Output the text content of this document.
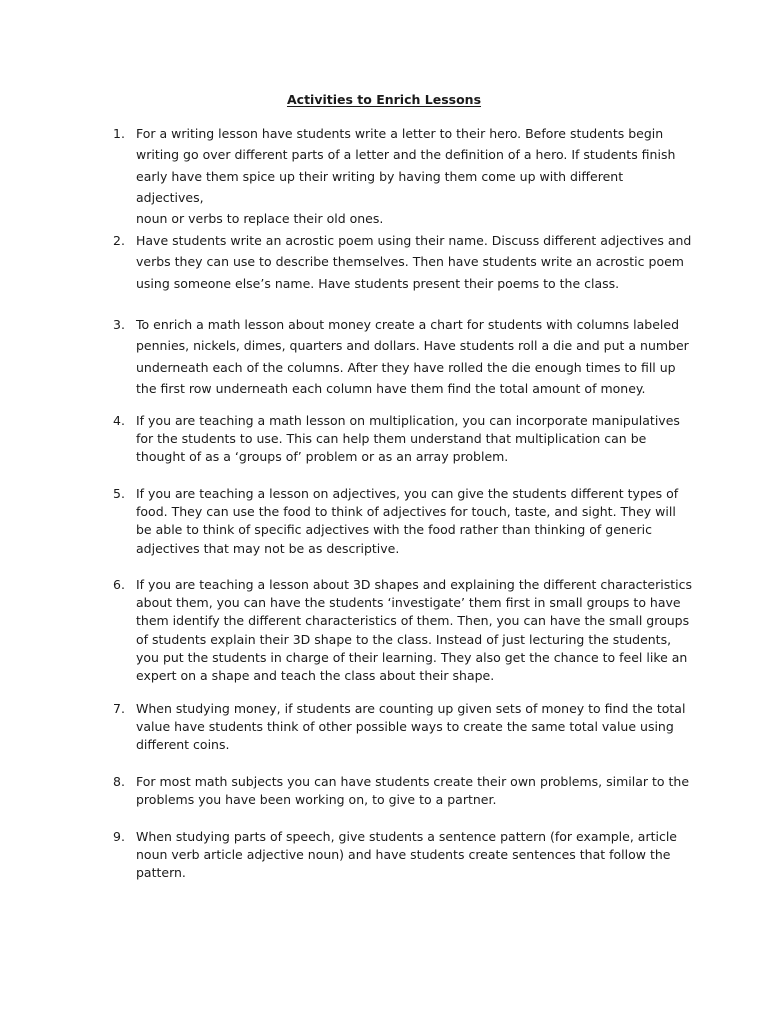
Activities to Enrich Lessons
1. For a writing lesson have students write a letter to their hero. Before students begin
writing go over different parts of a letter and the definition of a hero. If students finish
early have them spice up their writing by having them come up with different adjectives,
noun or verbs to replace their old ones.

2. Have students write an acrostic poem using their name. Discuss different adjectives and
verbs they can use to describe themselves. Then have students write an acrostic poem
using someone else’s name. Have students present their poems to the class.

3. To enrich a math lesson about money create a chart for students with columns labeled
pennies, nickels, dimes, quarters and dollars. Have students roll a die and put a number
underneath each of the columns. After they have rolled the die enough times to fill up
the first row underneath each column have them find the total amount of money.

4. If you are teaching a math lesson on multiplication, you can incorporate manipulatives
for the students to use. This can help them understand that multiplication can be
thought of as a ‘groups of’ problem or as an array problem.

5. If you are teaching a lesson on adjectives, you can give the students different types of
food. They can use the food to think of adjectives for touch, taste, and sight. They will
be able to think of specific adjectives with the food rather than thinking of generic
adjectives that may not be as descriptive.

6. If you are teaching a lesson about 3D shapes and explaining the different characteristics
about them, you can have the students ‘investigate’ them first in small groups to have
them identify the different characteristics of them. Then, you can have the small groups
of students explain their 3D shape to the class. Instead of just lecturing the students,
you put the students in charge of their learning. They also get the chance to feel like an
expert on a shape and teach the class about their shape.

7. When studying money, if students are counting up given sets of money to find the total
value have students think of other possible ways to create the same total value using
different coins.

8. For most math subjects you can have students create their own problems, similar to the
problems you have been working on, to give to a partner.

9. When studying parts of speech, give students a sentence pattern (for example, article
noun verb article adjective noun) and have students create sentences that follow the
pattern.
